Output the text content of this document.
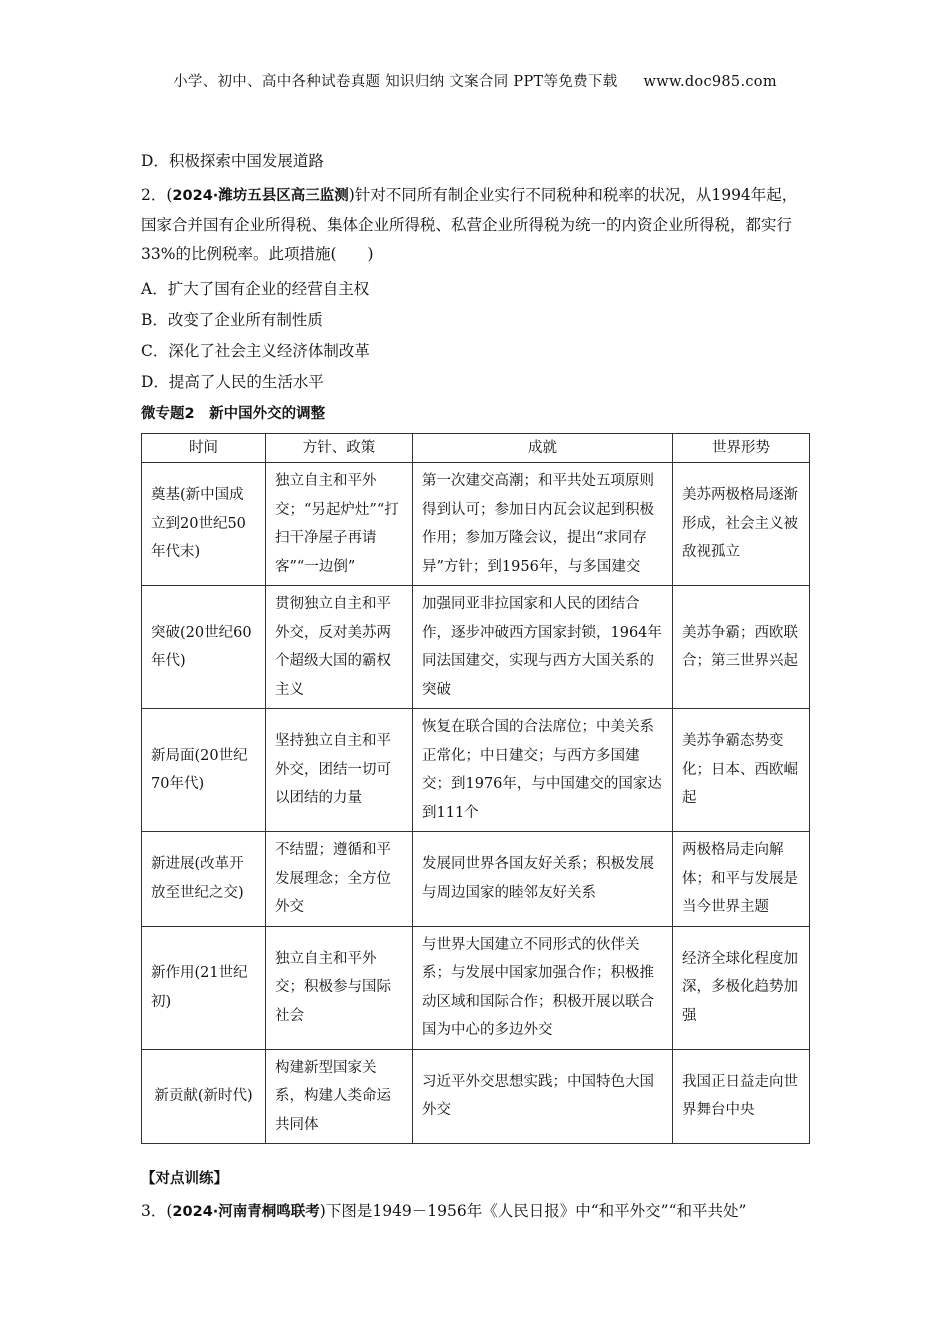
小学、初中、高中各种试卷真题 知识归纳 文案合同 PPT等免费下载 www.doc985.com

D．积极探索中国发展道路

2．(2024·潍坊五县区高三监测)针对不同所有制企业实行不同税种和税率的状况，从1994年起，国家合并国有企业所得税、集体企业所得税、私营企业所得税为统一的内资企业所得税，都实行33%的比例税率。此项措施(　　)

A．扩大了国有企业的经营自主权

B．改变了企业所有制性质

C．深化了社会主义经济体制改革

D．提高了人民的生活水平

微专题2　新中国外交的调整

时间	方针、政策	成就	世界形势
奠基(新中国成立到20世纪50年代末)	独立自主和平外交；“另起炉灶”“打扫干净屋子再请客”“一边倒”	第一次建交高潮；和平共处五项原则得到认可；参加日内瓦会议起到积极作用；参加万隆会议，提出“求同存异”方针；到1956年，与多国建交	美苏两极格局逐渐形成，社会主义被敌视孤立
突破(20世纪60年代)	贯彻独立自主和平外交，反对美苏两个超级大国的霸权主义	加强同亚非拉国家和人民的团结合作，逐步冲破西方国家封锁，1964年同法国建交，实现与西方大国关系的突破	美苏争霸；西欧联合；第三世界兴起
新局面(20世纪70年代)	坚持独立自主和平外交，团结一切可以团结的力量	恢复在联合国的合法席位；中美关系正常化；中日建交；与西方多国建交；到1976年，与中国建交的国家达到111个	美苏争霸态势变化；日本、西欧崛起
新进展(改革开放至世纪之交)	不结盟；遵循和平发展理念；全方位外交	发展同世界各国友好关系；积极发展与周边国家的睦邻友好关系	两极格局走向解体；和平与发展是当今世界主题
新作用(21世纪初)	独立自主和平外交；积极参与国际社会	与世界大国建立不同形式的伙伴关系；与发展中国家加强合作；积极推动区域和国际合作；积极开展以联合国为中心的多边外交	经济全球化程度加深，多极化趋势加强
新贡献(新时代)	构建新型国家关系，构建人类命运共同体	习近平外交思想实践；中国特色大国外交	我国正日益走向世界舞台中央

【对点训练】

3．(2024·河南青桐鸣联考)下图是1949－1956年《人民日报》中“和平外交”“和平共处”
